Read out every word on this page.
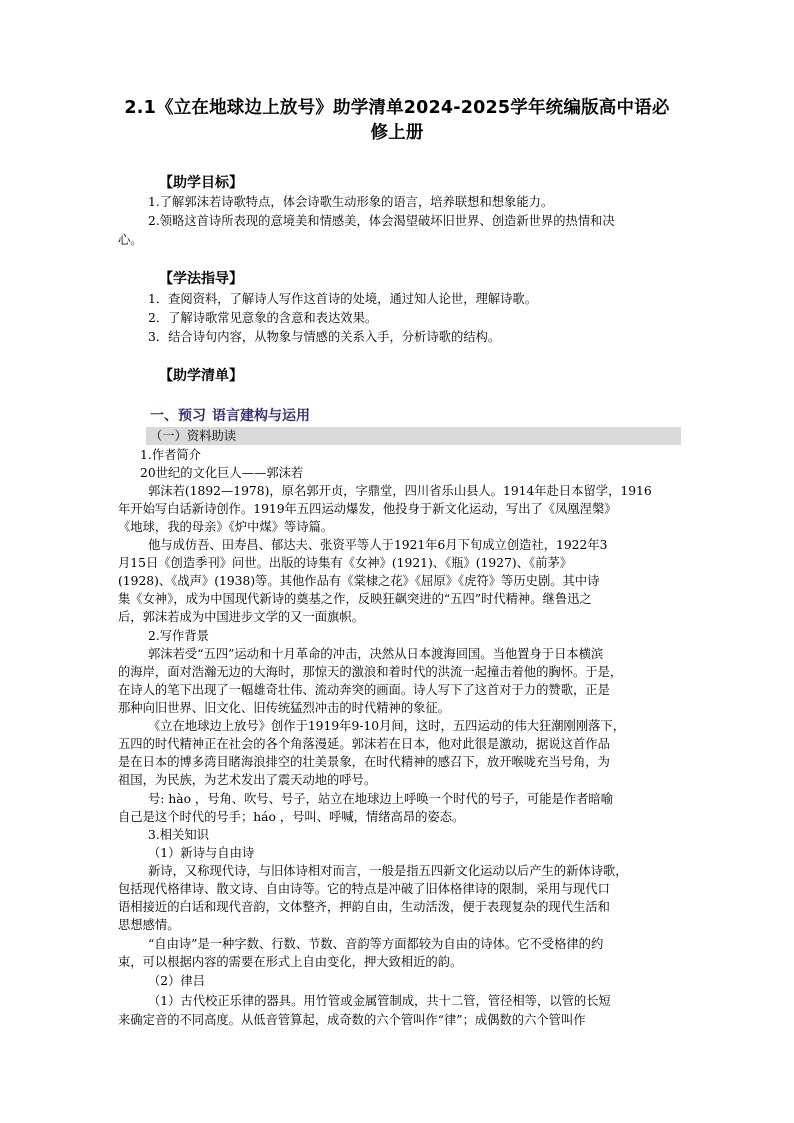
2.1《立在地球边上放号》助学清单2024-2025学年统编版高中语必
修上册
【助学目标】
1.了解郭沫若诗歌特点，体会诗歌生动形象的语言，培养联想和想象能力。
2.领略这首诗所表现的意境美和情感美，体会渴望破坏旧世界、创造新世界的热情和决
心。
【学法指导】
1．查阅资料，了解诗人写作这首诗的处境，通过知人论世，理解诗歌。
2．了解诗歌常见意象的含意和表达效果。
3．结合诗句内容，从物象与情感的关系入手，分析诗歌的结构。
【助学清单】
一、预习 语言建构与运用
（一）资料助读
1.作者简介
20世纪的文化巨人——郭沫若
郭沫若(1892—1978)，原名郭开贞，字鼎堂，四川省乐山县人。1914年赴日本留学，1916
年开始写白话新诗创作。1919年五四运动爆发，他投身于新文化运动，写出了《凤凰涅槃》
《地球，我的母亲》《炉中煤》等诗篇。
他与成仿吾、田寿昌、郁达夫、张资平等人于1921年6月下旬成立创造社，1922年3
月15日《创造季刊》问世。出版的诗集有《女神》(1921)、《瓶》(1927)、《前茅》
(1928)、《战声》(1938)等。其他作品有《棠棣之花》《屈原》《虎符》等历史剧。其中诗
集《女神》，成为中国现代新诗的奠基之作，反映狂飙突进的“五四”时代精神。继鲁迅之
后，郭沫若成为中国进步文学的又一面旗帜。
2.写作背景
郭沫若受“五四”运动和十月革命的冲击，决然从日本渡海回国。当他置身于日本横滨
的海岸，面对浩瀚无边的大海时，那惊天的激浪和着时代的洪流一起撞击着他的胸怀。于是，
在诗人的笔下出现了一幅雄奇壮伟、流动奔突的画面。诗人写下了这首对于力的赞歌，正是
那种向旧世界、旧文化、旧传统猛烈冲击的时代精神的象征。
《立在地球边上放号》创作于1919年9-10月间，这时，五四运动的伟大狂潮刚刚落下，
五四的时代精神正在社会的各个角落漫延。郭沫若在日本，他对此很是激动，据说这首作品
是在日本的博多湾目睹海浪排空的壮美景象，在时代精神的感召下，放开喉咙充当号角，为
祖国，为民族，为艺术发出了震天动地的呼号。
号: hào ，号角、吹号、号子，站立在地球边上呼唤一个时代的号子，可能是作者暗喻
自己是这个时代的号手；háo ，号叫、呼喊，情绪高昂的姿态。
3.相关知识
（1）新诗与自由诗
新诗，又称现代诗，与旧体诗相对而言，一般是指五四新文化运动以后产生的新体诗歌，
包括现代格律诗、散文诗、自由诗等。它的特点是冲破了旧体格律诗的限制，采用与现代口
语相接近的白话和现代音韵，文体整齐，押韵自由，生动活泼，便于表现复杂的现代生活和
思想感情。
“自由诗”是一种字数、行数、节数、音韵等方面都较为自由的诗体。它不受格律的约
束，可以根据内容的需要在形式上自由变化，押大致相近的韵。
（2）律吕
（1）古代校正乐律的器具。用竹管或金属管制成，共十二管，管径相等，以管的长短
来确定音的不同高度。从低音管算起，成奇数的六个管叫作“律”；成偶数的六个管叫作
